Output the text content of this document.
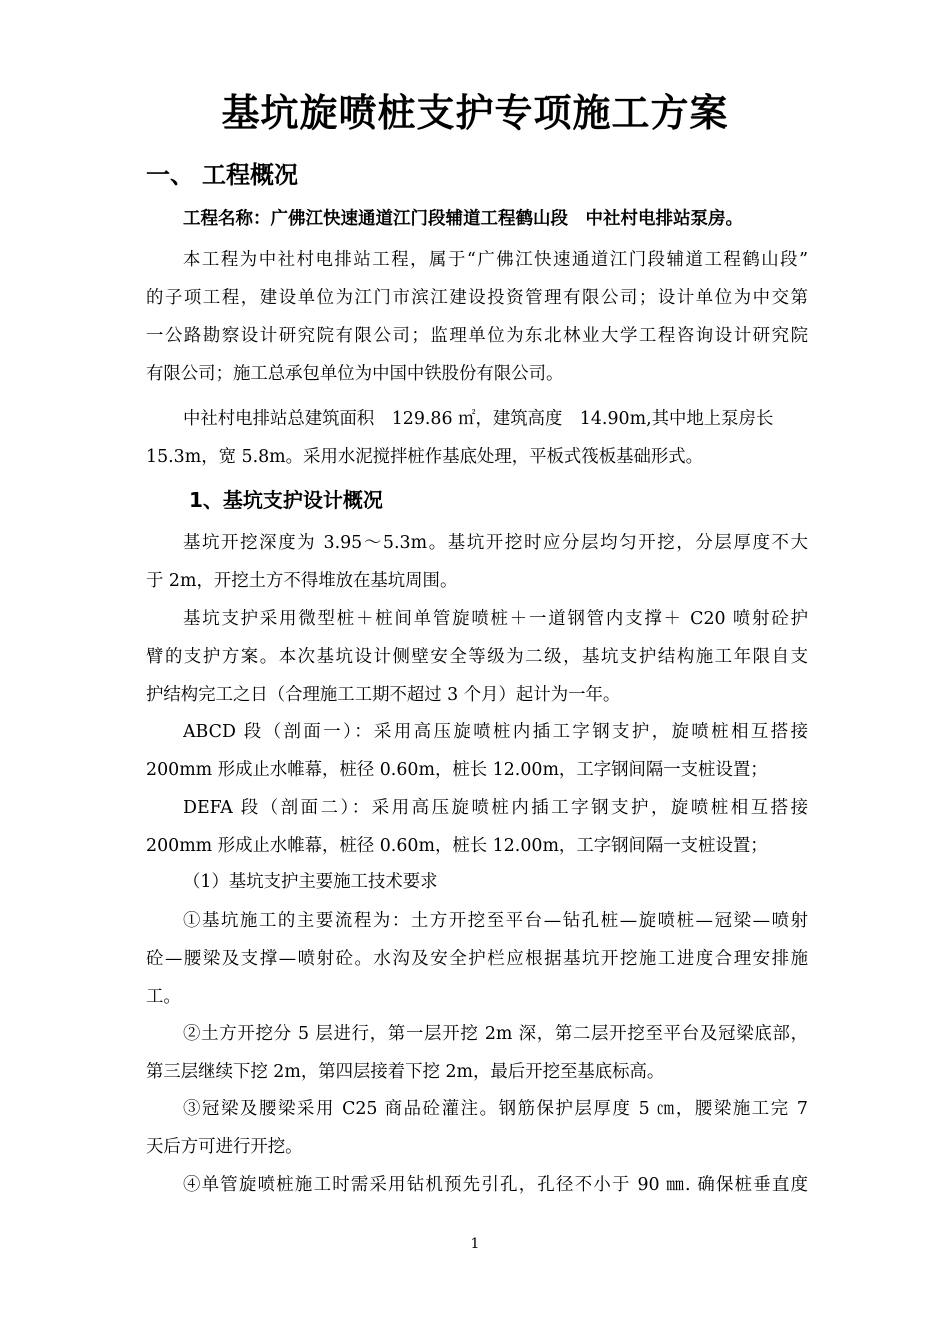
基坑旋喷桩支护专项施工方案
一、 工程概况
工程名称：广佛江快速通道江门段辅道工程鹤山段　中社村电排站泵房。
本工程为中社村电排站工程，属于“广佛江快速通道江门段辅道工程鹤山段”
的子项工程，建设单位为江门市滨江建设投资管理有限公司；设计单位为中交第
一公路勘察设计研究院有限公司；监理单位为东北林业大学工程咨询设计研究院
有限公司；施工总承包单位为中国中铁股份有限公司。
中社村电排站总建筑面积　129.86 ㎡，建筑高度　14.90m,其中地上泵房长
15.3m，宽 5.8m。采用水泥搅拌桩作基底处理，平板式筏板基础形式。
1、基坑支护设计概况
基坑开挖深度为 3.95～5.3m。基坑开挖时应分层均匀开挖，分层厚度不大
于 2m，开挖土方不得堆放在基坑周围。
基坑支护采用微型桩＋桩间单管旋喷桩＋一道钢管内支撑＋ C20 喷射砼护
臂的支护方案。本次基坑设计侧壁安全等级为二级，基坑支护结构施工年限自支
护结构完工之日（合理施工工期不超过 3 个月）起计为一年。
ABCD 段（剖面一）：采用高压旋喷桩内插工字钢支护，旋喷桩相互搭接
200mm 形成止水帷幕，桩径 0.60m，桩长 12.00m，工字钢间隔一支桩设置；
DEFA 段（剖面二）：采用高压旋喷桩内插工字钢支护，旋喷桩相互搭接
200mm 形成止水帷幕，桩径 0.60m，桩长 12.00m，工字钢间隔一支桩设置；
（1）基坑支护主要施工技术要求
①基坑施工的主要流程为：土方开挖至平台—钻孔桩—旋喷桩—冠梁—喷射
砼—腰梁及支撑—喷射砼。水沟及安全护栏应根据基坑开挖施工进度合理安排施
工。
②土方开挖分 5 层进行，第一层开挖 2m 深，第二层开挖至平台及冠梁底部，
第三层继续下挖 2m，第四层接着下挖 2m，最后开挖至基底标高。
③冠梁及腰梁采用 C25 商品砼灌注。钢筋保护层厚度 5 ㎝，腰梁施工完 7
天后方可进行开挖。
④单管旋喷桩施工时需采用钻机预先引孔，孔径不小于 90 ㎜. 确保桩垂直度
1
